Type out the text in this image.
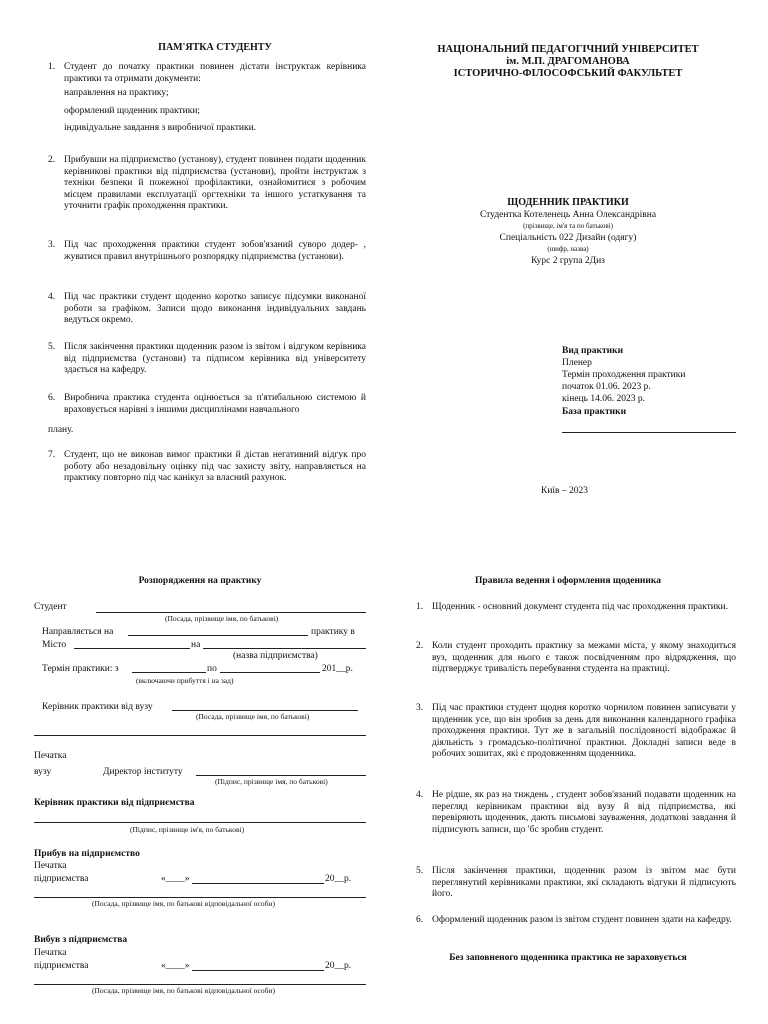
ПАМ'ЯТКА СТУДЕНТУ
1. Студент до початку практики повинен дістати інструктаж керівника практики та отримати документи:
направлення на практику;
оформлений щоденник практики;
індивідуальне завдання з виробничої практики.
2. Прибувши на підприємство (установу), студент повинен подати щоденник керівникові практики від підприємства (установи), пройти інструктаж з техніки безпеки й пожежної профілактики, ознайомитися з робочим місцем правилами експлуатації оргтехніки та іншого устаткування та уточнити графік проходження практики.
3. Під час проходження практики студент зобов'язаний суворо додер- , жуватися правил внутрішнього розпорядку підприємства (установи).
4. Під час практики студент щоденно коротко записує підсумки виконаної роботи за графіком. Записи щодо виконання індивідуальних завдань ведуться окремо.
5. Після закінчення практики щоденник разом із звітом і відгуком керівника від підприємства (установи) та підписом керівника від університету здається на кафедру.
6. Виробнича практика студента оцінюється за п'ятибальною системою й враховується нарівні з іншими дисциплінами навчального
плану.
7. Студент, що не виконав вимог практики й дістав негативний відгук про роботу або незадовільну оцінку під час захисту звіту, направляється на практику повторно під час канікул за власний рахунок.
НАЦІОНАЛЬНИЙ ПЕДАГОГІЧНИЙ УНІВЕРСИТЕТ
ім. М.П. ДРАГОМАНОВА
ІСТОРИЧНО-ФІЛОСОФСЬКИЙ ФАКУЛЬТЕТ
ЩОДЕННИК ПРАКТИКИ
Студентка Котеленець Анна Олександрівна
(прізвище, ім'я та по батькові)
Спеціальність 022 Дизайн (одягу)
(шифр, назва)
Курс 2 група 2Диз
Вид практики
Пленер
Термін проходження практики
початок 01.06. 2023 р.
кінець 14.06. 2023 р.
База практики
Київ – 2023
Розпорядження на практику
Студент
(Посада, прізвище імя, по батькові)
Направляється на	практику в
Місто	на
(назва підприємства)
Термін практики: з	по	201__р.
(включаючи прибуття і на зад)
Керівник практики від вузу
(Посада, прізвище імя, по батькові)
Печатка
вузу	Директор інституту
(Підпис, прізвище імя, по батькові)
Керівник практики від підприємства
(Підпис, прізвище ім'я, по батькові)
Прибув на підприємство
Печатка
підприємства	«____»	20__р.
(Посада, прізвище імя, по батькові відповідальної особи)
Вибув з підприємства
Печатка
підприємства	«____»	20__р.
(Посада, прізвище імя, по батькові відповідальної особи)
Правила ведення і оформлення щоденника
1. Щоденник - основний документ студента під час проходження практики.
2. Коли студент проходить практику за межами міста, у якому знаходиться вуз, щоденник для нього є також посвідченням про відрядження, що підтверджує тривалість перебування студента на практиці.
3. Під час практики студент щодня коротко чорнилом повинен записувати у щоденник усе, що він зробив за день для виконання календарного графіка проходження практики. Тут же в загальній послідовності відображає й діяльність з громадсько-політичної практики. Докладні записи веде в робочих зошитах, які є продовженням щоденника.
4. Не рідше, як раз на тиждень , студент зобов'язаний подавати щоденник на перегляд керівникам практики від вузу й від підприємства, які перевіряють щоденник, дають письмові зауваження, додаткові завдання й підписують записи, що 'бс зробив студент.
5. Після закінчення практики, щоденник разом із звітом має бути переглянутий керівниками практики, які складають відгуки й підписують його.
6. Оформлений щоденник разом із звітом студент повинен здати на кафедру.
Без заповненого щоденника практика не зараховується
